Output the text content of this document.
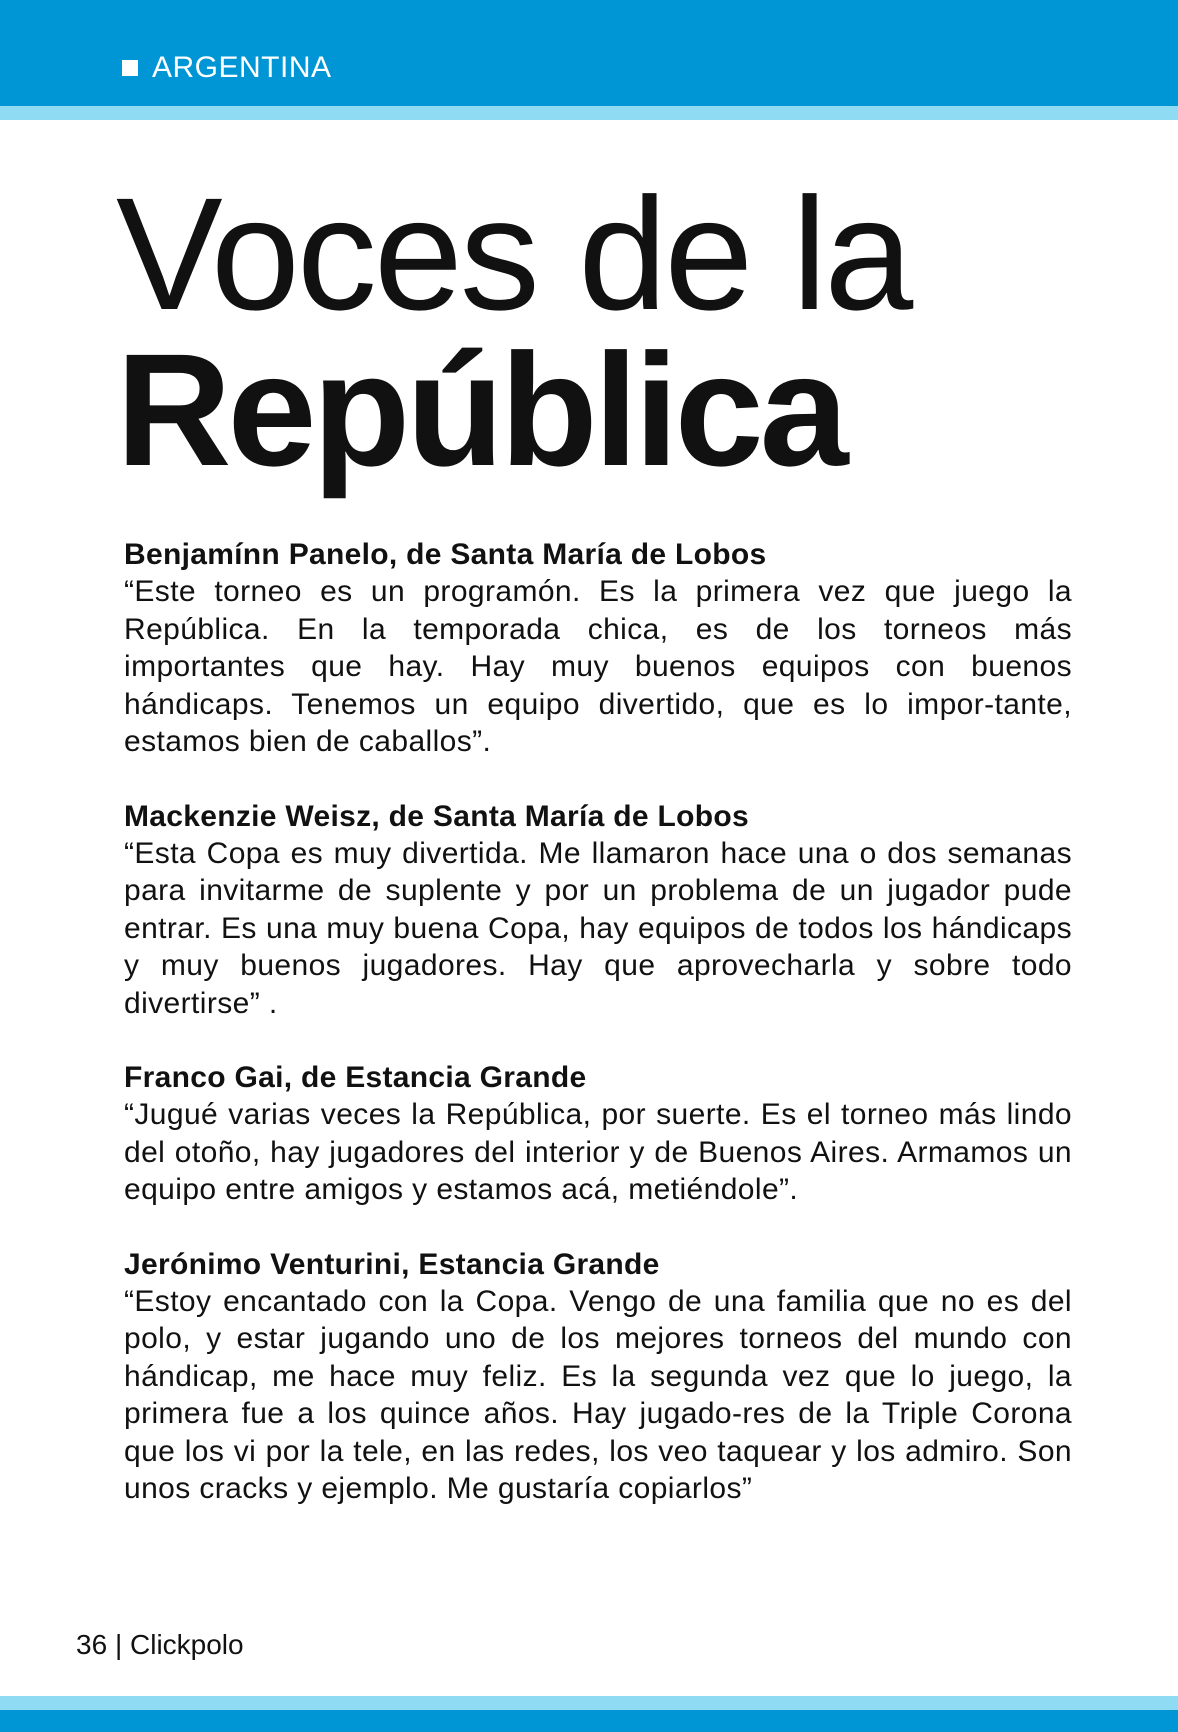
ARGENTINA
Voces de la
República
Benjamínn Panelo, de Santa María de Lobos
“Este torneo es un programón. Es la primera vez que juego la República. En la temporada chica, es de los torneos más importantes que hay. Hay muy buenos equipos con buenos hándicaps. Tenemos un equipo divertido, que es lo impor-tante, estamos bien de caballos”.
Mackenzie Weisz, de Santa María de Lobos
“Esta Copa es muy divertida. Me llamaron hace una o dos semanas para invitarme de suplente y por un problema de un jugador pude entrar. Es una muy buena Copa, hay equipos de todos los hándicaps y muy buenos jugadores. Hay que aprovecharla y sobre todo divertirse” .
Franco Gai, de Estancia Grande
“Jugué varias veces la República, por suerte. Es el torneo más lindo del otoño, hay jugadores del interior y de Buenos Aires. Armamos un equipo entre amigos y estamos acá, metiéndole”.
Jerónimo Venturini, Estancia Grande
“Estoy encantado con la Copa. Vengo de una familia que no es del polo, y estar jugando uno de los mejores torneos del mundo con hándicap, me hace muy feliz. Es la segunda vez que lo juego, la primera fue a los quince años. Hay jugado-res de la Triple Corona que los vi por la tele, en las redes, los veo taquear y los admiro. Son unos cracks y ejemplo. Me gustaría copiarlos”
36 | Clickpolo
